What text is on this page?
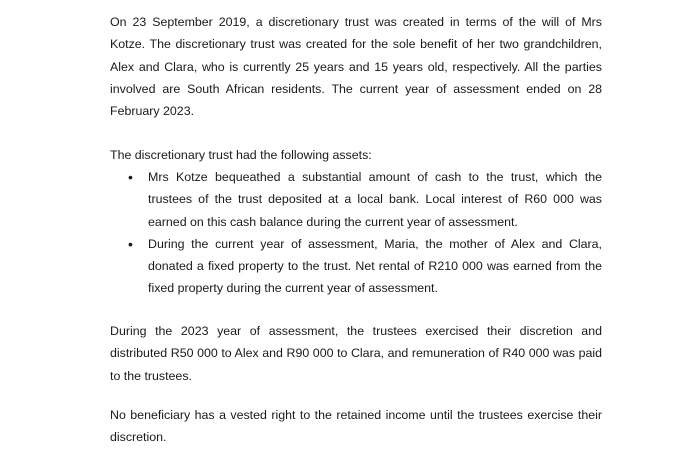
On 23 September 2019, a discretionary trust was created in terms of the will of Mrs Kotze. The discretionary trust was created for the sole benefit of her two grandchildren, Alex and Clara, who is currently 25 years and 15 years old, respectively. All the parties involved are South African residents. The current year of assessment ended on 28 February 2023.

The discretionary trust had the following assets:

• Mrs Kotze bequeathed a substantial amount of cash to the trust, which the trustees of the trust deposited at a local bank. Local interest of R60 000 was earned on this cash balance during the current year of assessment.
• During the current year of assessment, Maria, the mother of Alex and Clara, donated a fixed property to the trust. Net rental of R210 000 was earned from the fixed property during the current year of assessment.

During the 2023 year of assessment, the trustees exercised their discretion and distributed R50 000 to Alex and R90 000 to Clara, and remuneration of R40 000 was paid to the trustees.

No beneficiary has a vested right to the retained income until the trustees exercise their discretion.
